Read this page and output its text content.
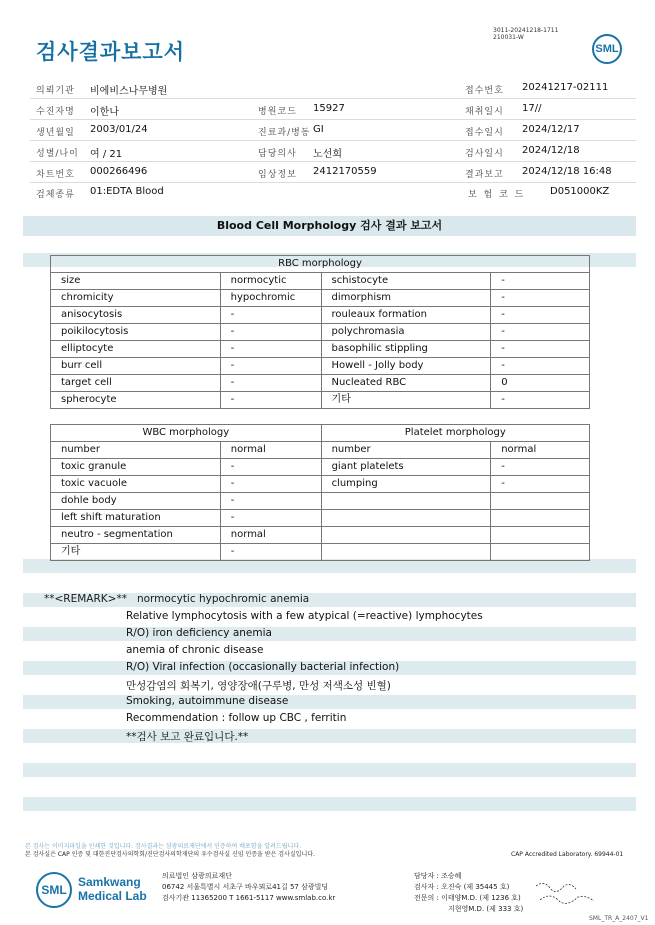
검사결과보고서
3011-20241218-1711
210031-W
SML
의뢰기관 비에비스나무병원	접수번호 20241217-02111
수진자명 이한나	병원코드 15927	채취일시 17//
생년월일 2003/01/24	진료과/병동 GI	접수일시 2024/12/17
성별/나이 여 / 21	담당의사 노선희	검사일시 2024/12/18
차트번호 000266496	임상정보 2412170559	결과보고 2024/12/18 16:48
검체종류 01:EDTA Blood	보 험 코 드 D051000KZ
Blood Cell Morphology 검사 결과 보고서
RBC morphology			
size	normocytic	schistocyte	-
chromicity	hypochromic	dimorphism	-
anisocytosis	-	rouleaux formation	-
poikilocytosis	-	polychromasia	-
elliptocyte	-	basophilic stippling	-
burr cell	-	Howell - Jolly body	-
target cell	-	Nucleated RBC	0
spherocyte	-	기타	-
WBC morphology		Platelet morphology	
number	normal	number	normal
toxic granule	-	giant platelets	-
toxic vacuole	-	clumping	-
dohle body	-		
left shift maturation	-		
neutro - segmentation	normal		
기타	-		
**<REMARK>** normocytic hypochromic anemia
Relative lymphocytosis with a few atypical (=reactive) lymphocytes
R/O) iron deficiency anemia
anemia of chronic disease
R/O) Viral infection (occasionally bacterial infection)
만성감염의 회복기, 영양장애(구루병, 만성 저색소성 빈혈)
Smoking, autoimmune disease
Recommendation : follow up CBC , ferritin
**검사 보고 완료입니다.**
본 검사는 이미지파일을 인쇄한 것입니다. 검사결과는 삼광의료재단에서 인증하여 배포함을 알려드립니다.
본 검사실은 CAP 인증 및 대한진단검사의학회/진단검사의학재단의 우수검사실 신임 인증을 받은 검사실입니다.	CAP Accredited Laboratory. 69944-01
SML
Samkwang
Medical Lab
의료법인 삼광의료재단
06742 서울특별시 서초구 바우뫼로41길 57 삼광빌딩
검사기관 11365200 T 1661-5117 www.smlab.co.kr
담당자 : 조승혜
검사자 : 오진숙 (제 35445 호)
전문의 : 이태양M.D. (제 1236 호)
지현영M.D. (제 333 호)
SML_TR_A_2407_V1
